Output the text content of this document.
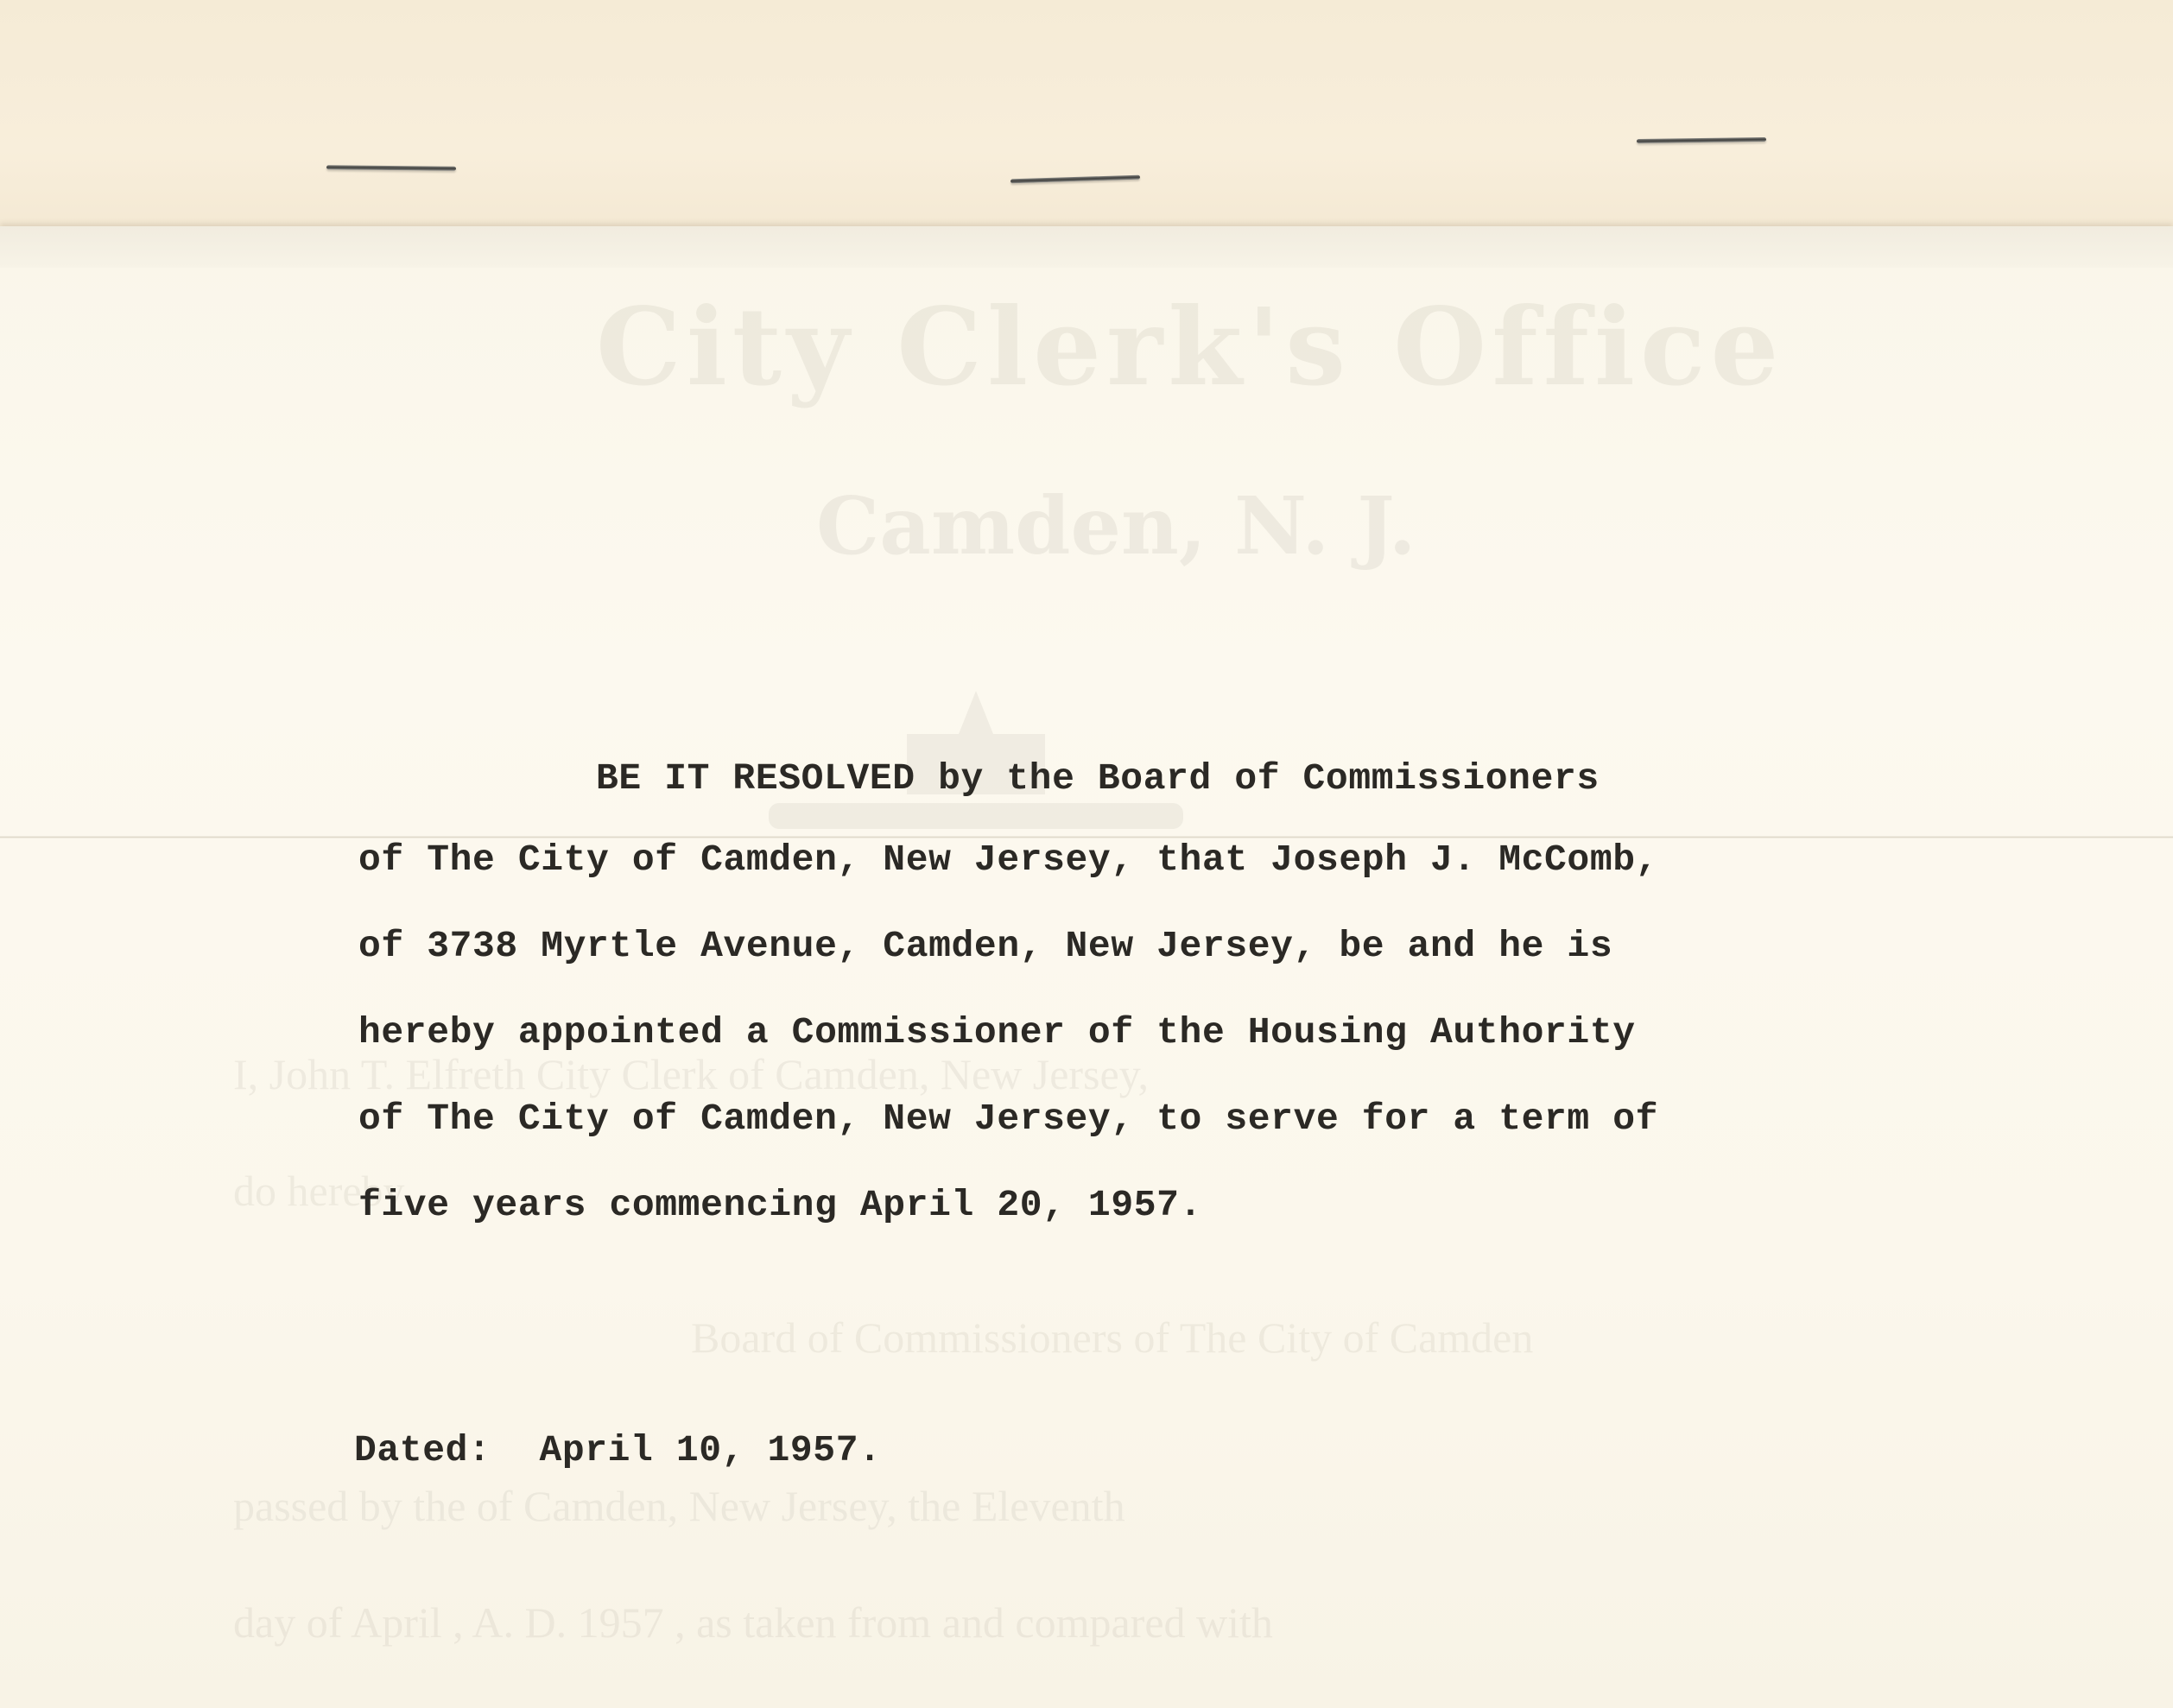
City Clerk's Office
Camden, N. J.
I, John T. Elfreth City Clerk of Camden, New Jersey,
do hereby
Board of Commissioners of The City of Camden
passed by the of Camden, New Jersey, the Eleventh
day of April , A. D. 1957 , as taken from and compared with
BE IT RESOLVED by the Board of Commissioners
of The City of Camden, New Jersey, that Joseph J. McComb,
of 3738 Myrtle Avenue, Camden, New Jersey, be and he is
hereby appointed a Commissioner of the Housing Authority
of The City of Camden, New Jersey, to serve for a term of
five years commencing April 20, 1957.
Dated: April 10, 1957.
